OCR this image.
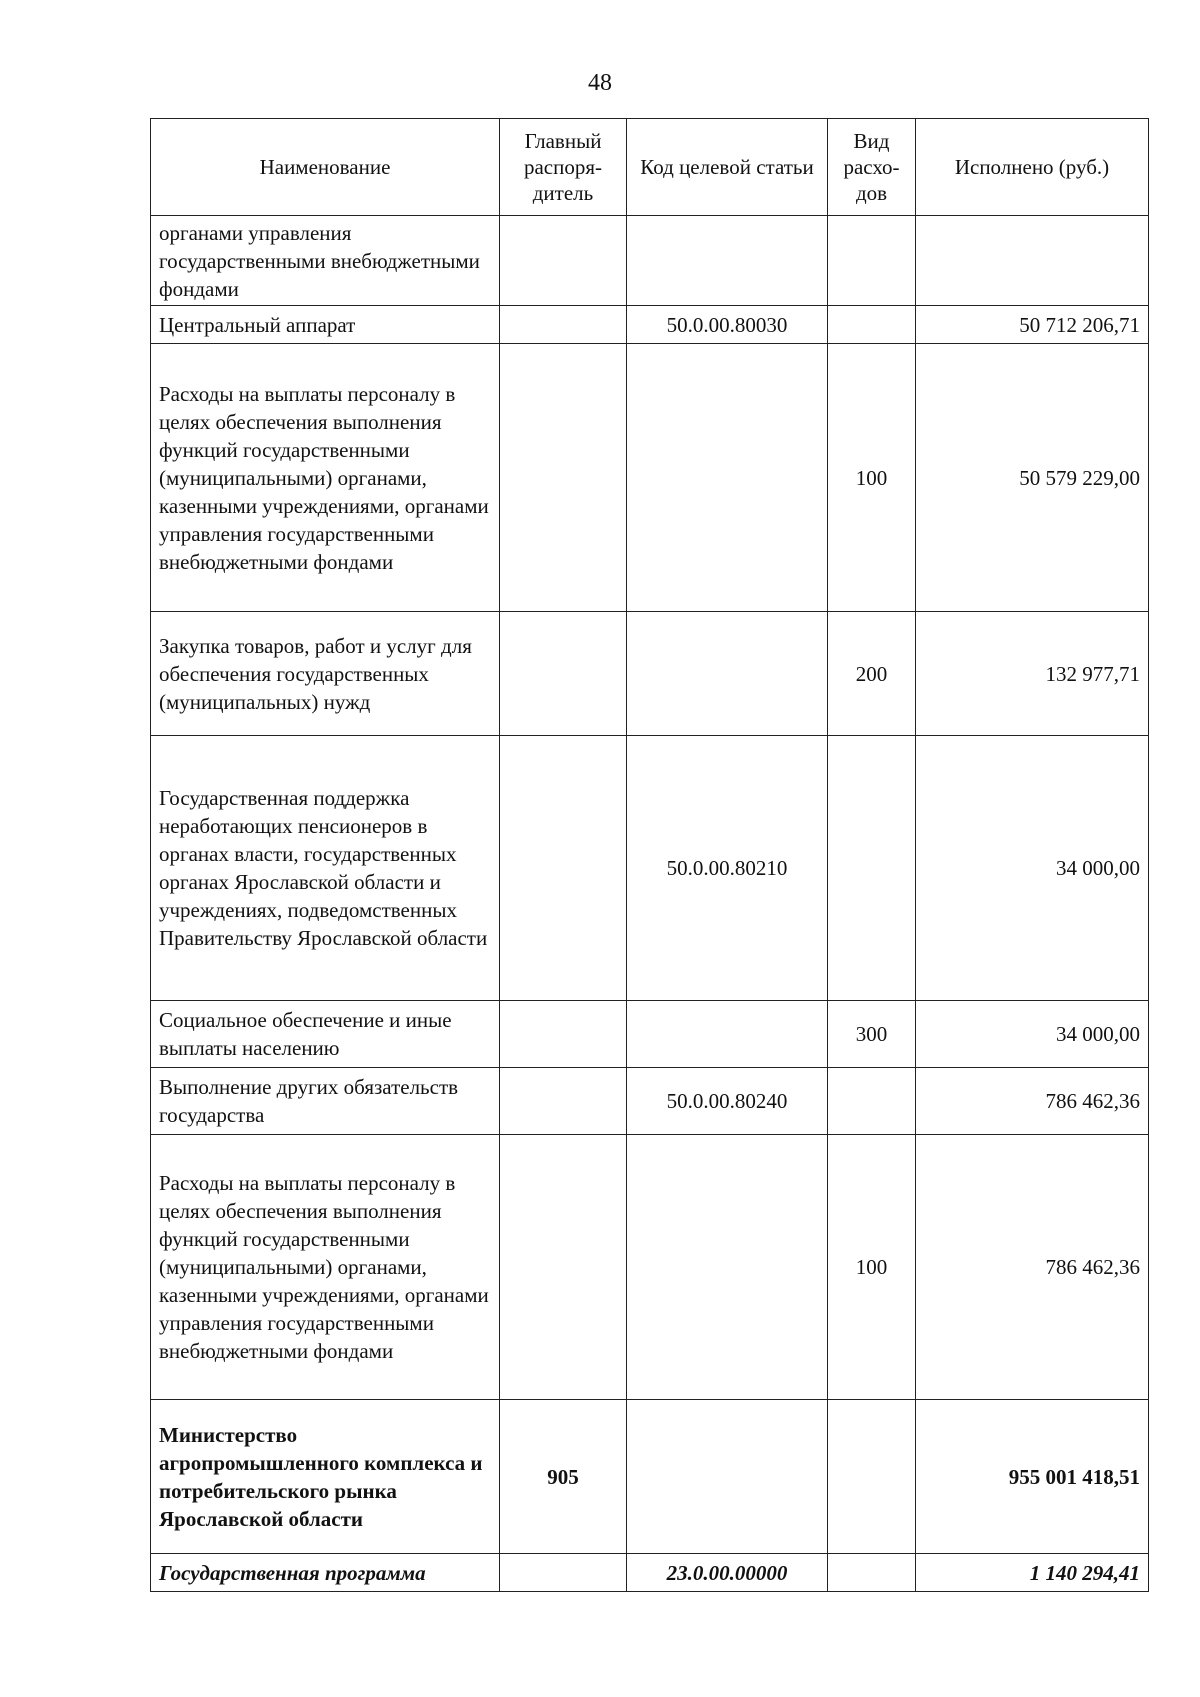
48
Наименование	Главный распоря-дитель	Код целевой статьи	Вид расхо-дов	Исполнено (руб.)
органами управления государственными внебюджетными фондами				
Центральный аппарат		50.0.00.80030		50 712 206,71
Расходы на выплаты персоналу в целях обеспечения выполнения функций государственными (муниципальными) органами, казенными учреждениями, органами управления государственными внебюджетными фондами			100	50 579 229,00
Закупка товаров, работ и услуг для обеспечения государственных (муниципальных) нужд			200	132 977,71
Государственная поддержка неработающих пенсионеров в органах власти, государственных органах Ярославской области и учреждениях, подведомственных Правительству Ярославской области		50.0.00.80210		34 000,00
Социальное обеспечение и иные выплаты населению			300	34 000,00
Выполнение других обязательств государства		50.0.00.80240		786 462,36
Расходы на выплаты персоналу в целях обеспечения выполнения функций государственными (муниципальными) органами, казенными учреждениями, органами управления государственными внебюджетными фондами			100	786 462,36
Министерство агропромышленного комплекса и потребительского рынка Ярославской области	905			955 001 418,51
Государственная программа		23.0.00.00000		1 140 294,41
